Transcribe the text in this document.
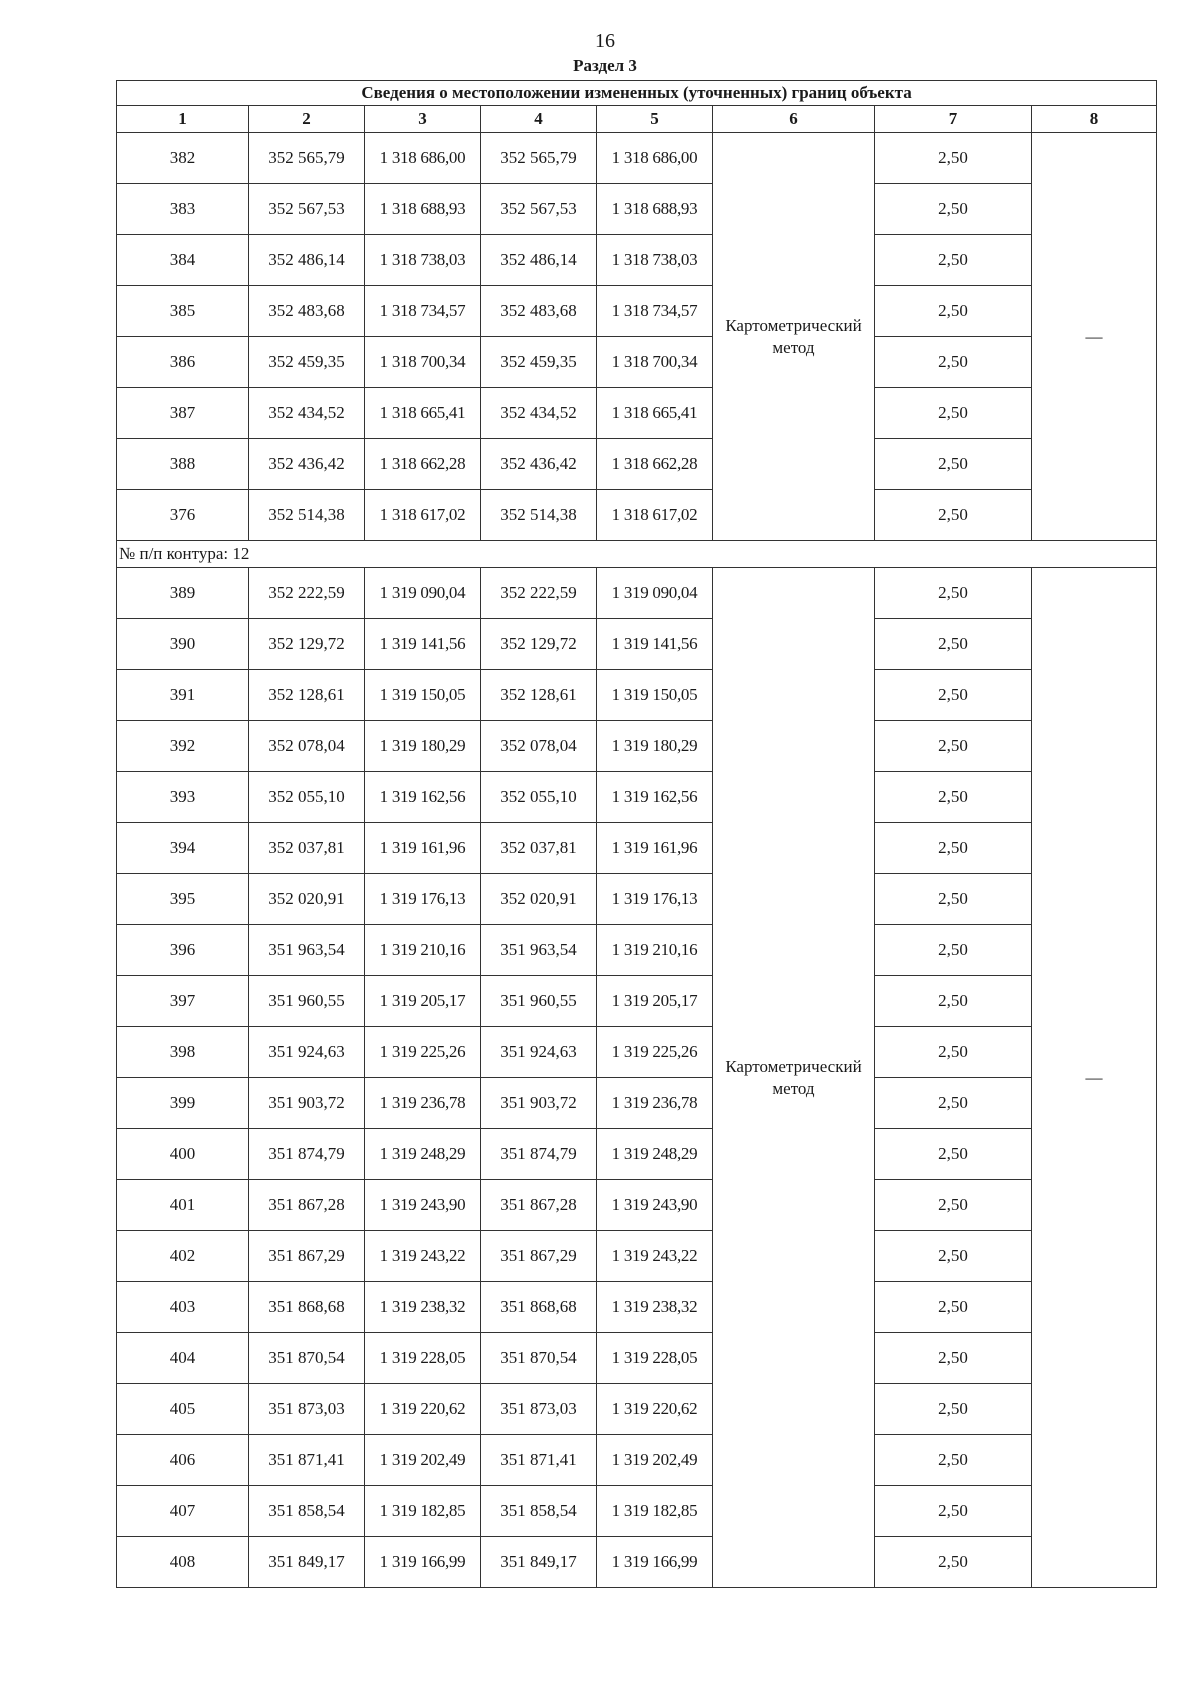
16
Раздел 3
Сведения о местоположении измененных (уточненных) границ объекта							
1	2	3	4	5	6	7	8
382	352 565,79	1 318 686,00	352 565,79	1 318 686,00	Картометрический метод	2,50	—
383	352 567,53	1 318 688,93	352 567,53	1 318 688,93		2,50	
384	352 486,14	1 318 738,03	352 486,14	1 318 738,03		2,50	
385	352 483,68	1 318 734,57	352 483,68	1 318 734,57		2,50	
386	352 459,35	1 318 700,34	352 459,35	1 318 700,34		2,50	
387	352 434,52	1 318 665,41	352 434,52	1 318 665,41		2,50	
388	352 436,42	1 318 662,28	352 436,42	1 318 662,28		2,50	
376	352 514,38	1 318 617,02	352 514,38	1 318 617,02		2,50	
№ п/п контура: 12							
389	352 222,59	1 319 090,04	352 222,59	1 319 090,04	Картометрический метод	2,50	—
390	352 129,72	1 319 141,56	352 129,72	1 319 141,56		2,50	
391	352 128,61	1 319 150,05	352 128,61	1 319 150,05		2,50	
392	352 078,04	1 319 180,29	352 078,04	1 319 180,29		2,50	
393	352 055,10	1 319 162,56	352 055,10	1 319 162,56		2,50	
394	352 037,81	1 319 161,96	352 037,81	1 319 161,96		2,50	
395	352 020,91	1 319 176,13	352 020,91	1 319 176,13		2,50	
396	351 963,54	1 319 210,16	351 963,54	1 319 210,16		2,50	
397	351 960,55	1 319 205,17	351 960,55	1 319 205,17		2,50	
398	351 924,63	1 319 225,26	351 924,63	1 319 225,26		2,50	
399	351 903,72	1 319 236,78	351 903,72	1 319 236,78		2,50	
400	351 874,79	1 319 248,29	351 874,79	1 319 248,29		2,50	
401	351 867,28	1 319 243,90	351 867,28	1 319 243,90		2,50	
402	351 867,29	1 319 243,22	351 867,29	1 319 243,22		2,50	
403	351 868,68	1 319 238,32	351 868,68	1 319 238,32		2,50	
404	351 870,54	1 319 228,05	351 870,54	1 319 228,05		2,50	
405	351 873,03	1 319 220,62	351 873,03	1 319 220,62		2,50	
406	351 871,41	1 319 202,49	351 871,41	1 319 202,49		2,50	
407	351 858,54	1 319 182,85	351 858,54	1 319 182,85		2,50	
408	351 849,17	1 319 166,99	351 849,17	1 319 166,99		2,50	
